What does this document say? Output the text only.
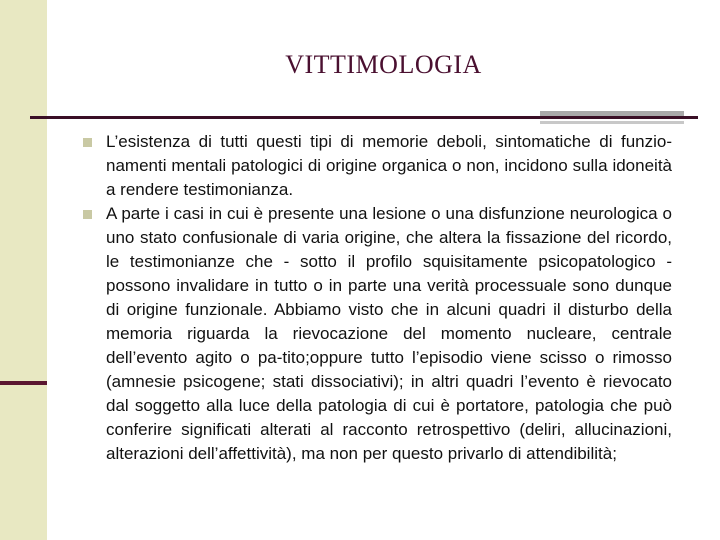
VITTIMOLOGIA
L’esistenza di tutti questi tipi di memorie deboli, sintomatiche di funzio-namenti mentali patologici di origine organica o non, incidono sulla idoneità a rendere testimonianza.
A parte i casi in cui è presente una lesione o una disfunzione neurologica o uno stato confusionale di varia origine, che altera la fissazione del ricordo, le testimonianze che - sotto il profilo squisitamente psicopatologico - possono invalidare in tutto o in parte una verità processuale sono dunque di origine funzionale. Abbiamo visto che in alcuni quadri il disturbo della memoria riguarda la rievocazione del momento nucleare, centrale dell’evento agito o pa-tito;oppure tutto l’episodio viene scisso o rimosso (amnesie psicogene; stati dissociativi); in altri quadri l’evento è rievocato dal soggetto alla luce della patologia di cui è portatore, patologia che può conferire significati alterati al racconto retrospettivo (deliri, allucinazioni, alterazioni dell’affettività), ma non per questo privarlo di attendibilità;
